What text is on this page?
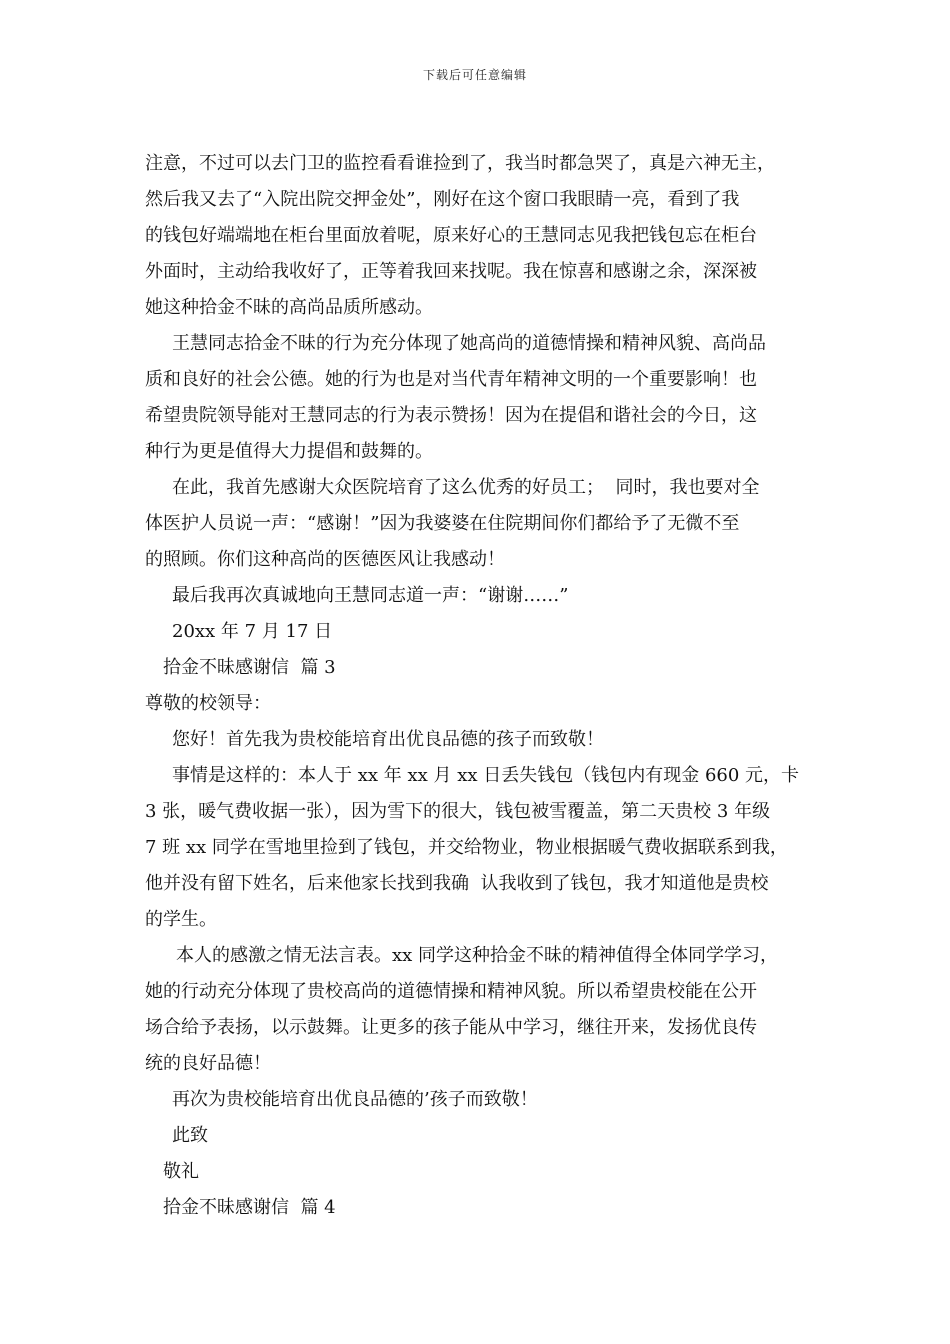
下载后可任意编辑
注意，不过可以去门卫的监控看看谁捡到了，我当时都急哭了，真是六神无主，
然后我又去了“入院出院交押金处”，刚好在这个窗口我眼睛一亮，看到了我
的钱包好端端地在柜台里面放着呢，原来好心的王慧同志见我把钱包忘在柜台
外面时，主动给我收好了，正等着我回来找呢。我在惊喜和感谢之余，深深被
她这种拾金不昧的高尚品质所感动。
王慧同志拾金不昧的行为充分体现了她高尚的道德情操和精神风貌、高尚品
质和良好的社会公德。她的行为也是对当代青年精神文明的一个重要影响！也
希望贵院领导能对王慧同志的行为表示赞扬！因为在提倡和谐社会的今日，这
种行为更是值得大力提倡和鼓舞的。
在此，我首先感谢大众医院培育了这么优秀的好员工；  同时，我也要对全
体医护人员说一声：“感谢！”因为我婆婆在住院期间你们都给予了无微不至
的照顾。你们这种高尚的医德医风让我感动！
最后我再次真诚地向王慧同志道一声：“谢谢……”
20xx 年 7 月 17 日
拾金不昧感谢信  篇 3
尊敬的校领导：
您好！首先我为贵校能培育出优良品德的孩子而致敬！
事情是这样的：本人于 xx 年 xx 月 xx 日丢失钱包（钱包内有现金 660 元，卡
3 张，暖气费收据一张），因为雪下的很大，钱包被雪覆盖，第二天贵校 3 年级
7 班 xx 同学在雪地里捡到了钱包，并交给物业，物业根据暖气费收据联系到我，
他并没有留下姓名，后来他家长找到我确  认我收到了钱包，我才知道他是贵校
的学生。
本人的感激之情无法言表。xx 同学这种拾金不昧的精神值得全体同学学习，
她的行动充分体现了贵校高尚的道德情操和精神风貌。所以希望贵校能在公开
场合给予表扬，以示鼓舞。让更多的孩子能从中学习，继往开来，发扬优良传
统的良好品德！
再次为贵校能培育出优良品德的’孩子而致敬！
此致
敬礼
拾金不昧感谢信  篇 4
